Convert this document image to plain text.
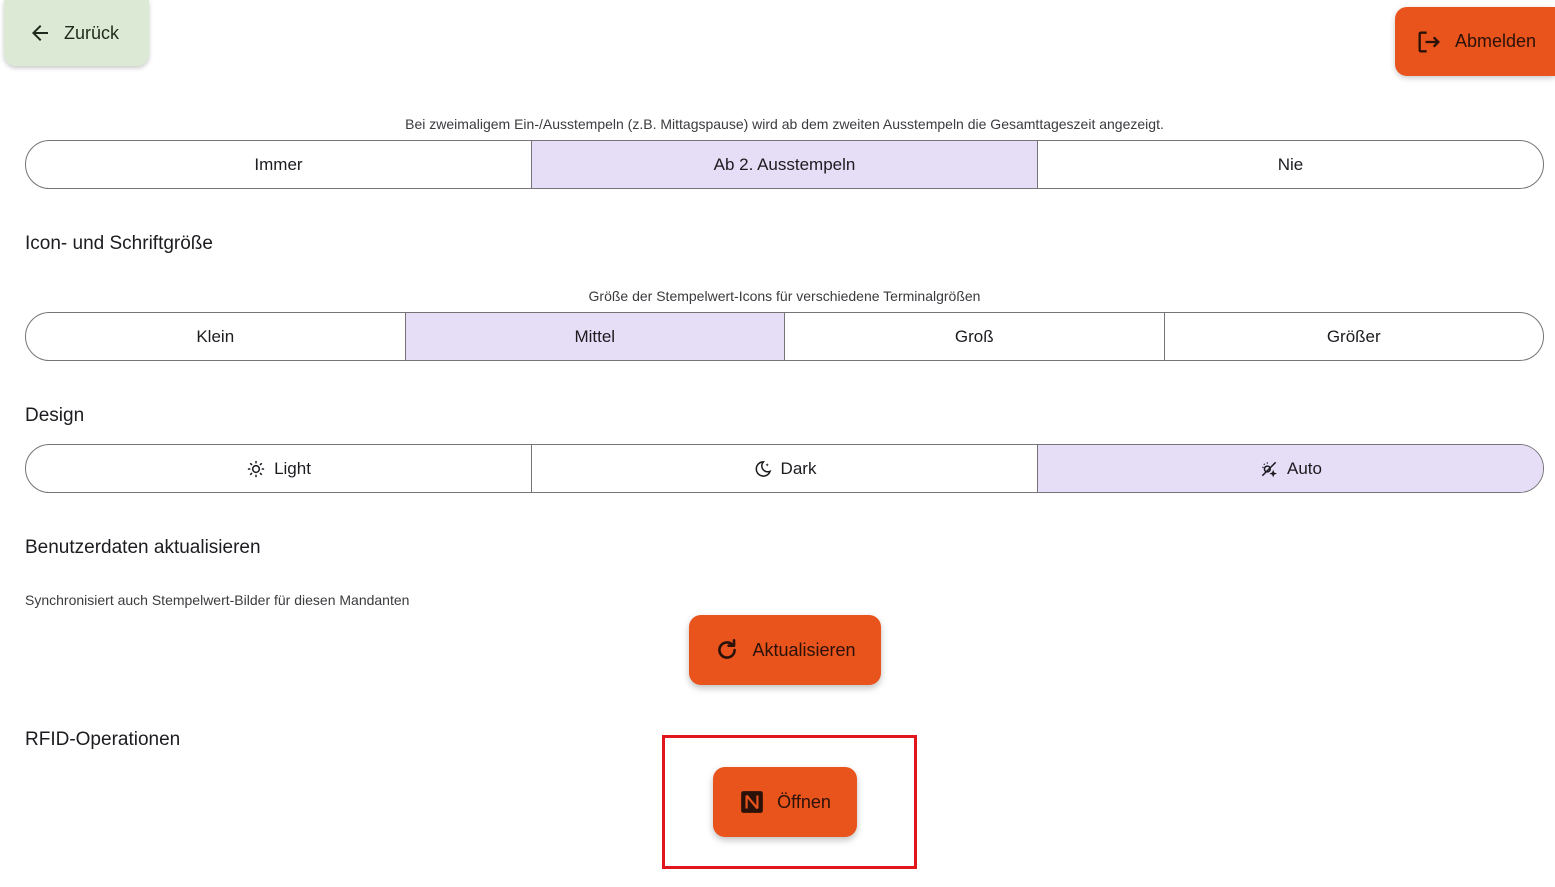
Zurück	Abmelden
Bei zweimaligem Ein-/Ausstempeln (z.B. Mittagspause) wird ab dem zweiten Ausstempeln die Gesamttageszeit angezeigt.
Immer	Ab 2. Ausstempeln	Nie
Icon- und Schriftgröße
Größe der Stempelwert-Icons für verschiedene Terminalgrößen
Klein	Mittel	Groß	Größer
Design
Light	Dark	Auto
Benutzerdaten aktualisieren
Synchronisiert auch Stempelwert-Bilder für diesen Mandanten
Aktualisieren
RFID-Operationen
Öffnen
